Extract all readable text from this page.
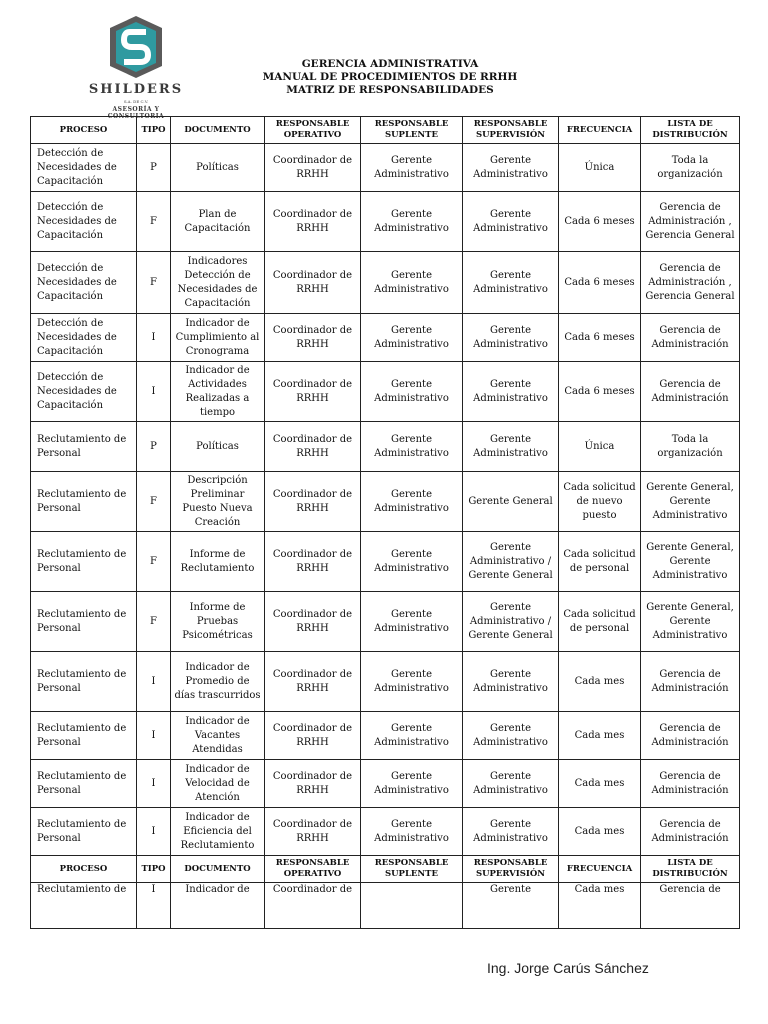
SHILDERS
S.A. DE C.V.
ASESORÍA Y CONSULTORIA
GERENCIA ADMINISTRATIVA
MANUAL DE PROCEDIMIENTOS DE RRHH
MATRIZ DE RESPONSABILIDADES
PROCESO	TIPO	DOCUMENTO	RESPONSABLE OPERATIVO	RESPONSABLE SUPLENTE	RESPONSABLE SUPERVISIÓN	FRECUENCIA	LISTA DE DISTRIBUCIÓN
Detección de Necesidades de Capacitación	P	Políticas	Coordinador de RRHH	Gerente Administrativo	Gerente Administrativo	Única	Toda la organización
Detección de Necesidades de Capacitación	F	Plan de Capacitación	Coordinador de RRHH	Gerente Administrativo	Gerente Administrativo	Cada 6 meses	Gerencia de Administración , Gerencia General
Detección de Necesidades de Capacitación	F	Indicadores Detección de Necesidades de Capacitación	Coordinador de RRHH	Gerente Administrativo	Gerente Administrativo	Cada 6 meses	Gerencia de Administración , Gerencia General
Detección de Necesidades de Capacitación	I	Indicador de Cumplimiento al Cronograma	Coordinador de RRHH	Gerente Administrativo	Gerente Administrativo	Cada 6 meses	Gerencia de Administración
Detección de Necesidades de Capacitación	I	Indicador de Actividades Realizadas a tiempo	Coordinador de RRHH	Gerente Administrativo	Gerente Administrativo	Cada 6 meses	Gerencia de Administración
Reclutamiento de Personal	P	Políticas	Coordinador de RRHH	Gerente Administrativo	Gerente Administrativo	Única	Toda la organización
Reclutamiento de Personal	F	Descripción Preliminar Puesto Nueva Creación	Coordinador de RRHH	Gerente Administrativo	Gerente General	Cada solicitud de nuevo puesto	Gerente General, Gerente Administrativo
Reclutamiento de Personal	F	Informe de Reclutamiento	Coordinador de RRHH	Gerente Administrativo	Gerente Administrativo / Gerente General	Cada solicitud de personal	Gerente General, Gerente Administrativo
Reclutamiento de Personal	F	Informe de Pruebas Psicométricas	Coordinador de RRHH	Gerente Administrativo	Gerente Administrativo / Gerente General	Cada solicitud de personal	Gerente General, Gerente Administrativo
Reclutamiento de Personal	I	Indicador de Promedio de días trascurridos	Coordinador de RRHH	Gerente Administrativo	Gerente Administrativo	Cada mes	Gerencia de Administración
Reclutamiento de Personal	I	Indicador de Vacantes Atendidas	Coordinador de RRHH	Gerente Administrativo	Gerente Administrativo	Cada mes	Gerencia de Administración
Reclutamiento de Personal	I	Indicador de Velocidad de Atención	Coordinador de RRHH	Gerente Administrativo	Gerente Administrativo	Cada mes	Gerencia de Administración
Reclutamiento de Personal	I	Indicador de Eficiencia del Reclutamiento	Coordinador de RRHH	Gerente Administrativo	Gerente Administrativo	Cada mes	Gerencia de Administración
PROCESO	TIPO	DOCUMENTO	RESPONSABLE OPERATIVO	RESPONSABLE SUPLENTE	RESPONSABLE SUPERVISIÓN	FRECUENCIA	LISTA DE DISTRIBUCIÓN
Reclutamiento de	I	Indicador de	Coordinador de		Gerente	Cada mes	Gerencia de
Ing. Jorge Carús Sánchez
